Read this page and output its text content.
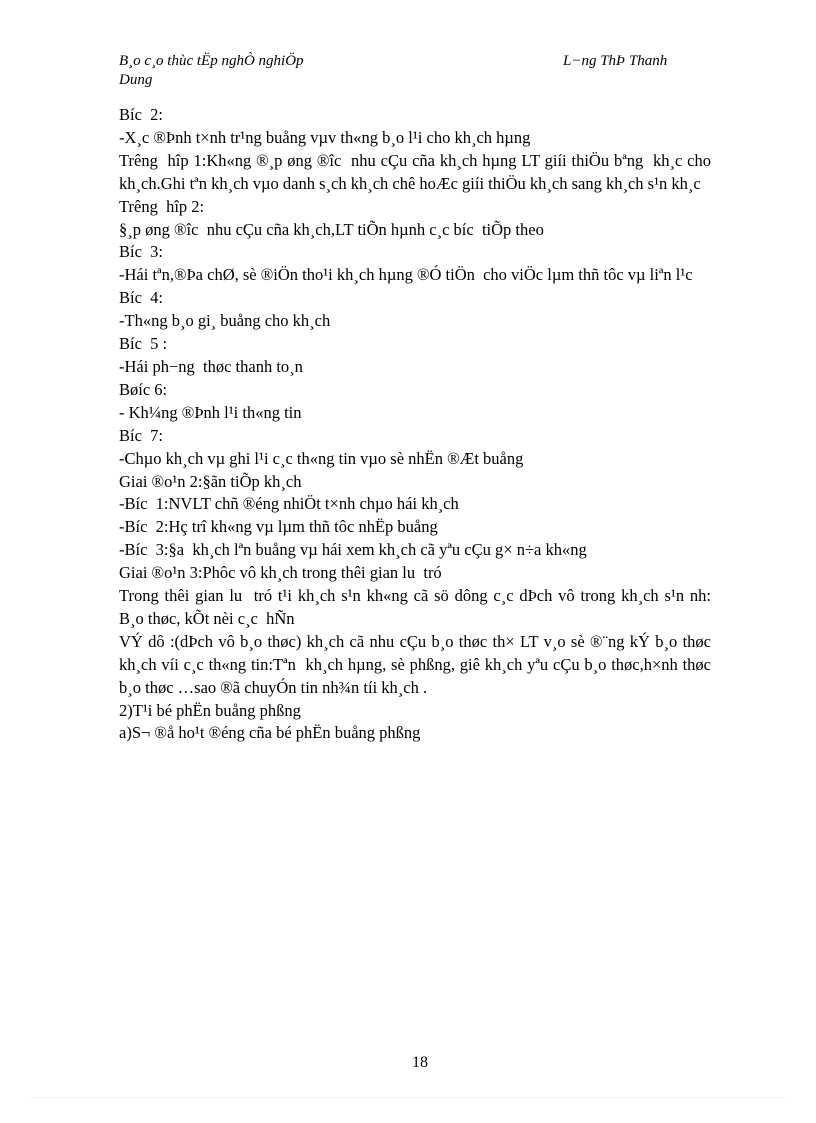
B¸o c¸o thùc tËp nghÒ nghiÖp
Dung
L−ng ThÞ Thanh

Bíc  2:

-X¸c ®Þnh t×nh tr¹ng buång vµv th«ng b¸o l¹i cho kh¸ch hµng

Trêng  hîp 1:Kh«ng ®¸p øng ®îc  nhu cÇu cña kh¸ch hµng LT giíi thiÖu bªng  kh¸c cho kh¸ch.Ghi tªn kh¸ch vµo danh s¸ch kh¸ch chê hoÆc giíi thiÖu kh¸ch sang kh¸ch s¹n kh¸c

Trêng  hîp 2:

§¸p øng ®îc  nhu cÇu cña kh¸ch,LT tiÕn hµnh c¸c bíc  tiÕp theo

Bíc  3:

-Hái tªn,®Þa chØ, sè ®iÖn tho¹i kh¸ch hµng ®Ó tiÖn  cho viÖc lµm thñ tôc vµ liªn l¹c

Bíc  4:

-Th«ng b¸o gi¸ buång cho kh¸ch

Bíc  5 :

-Hái ph−ng  thøc thanh to¸n

Bøíc 6:

- Kh¼ng ®Þnh l¹i th«ng tin

Bíc  7:

-Chµo kh¸ch vµ ghi l¹i c¸c th«ng tin vµo sè nhËn ®Æt buång

Giai ®o¹n 2:§ãn tiÕp kh¸ch

-Bíc  1:NVLT chñ ®éng nhiÖt t×nh chµo hái kh¸ch

-Bíc  2:Hç trî kh«ng vµ lµm thñ tôc nhËp buång

-Bíc  3:§a  kh¸ch lªn buång vµ hái xem kh¸ch cã yªu cÇu g× n÷a kh«ng

Giai ®o¹n 3:Phôc vô kh¸ch trong thêi gian lu  tró

Trong thêi gian lu  tró t¹i kh¸ch s¹n kh«ng cã sö dông c¸c dÞch vô trong kh¸ch s¹n nh:  B¸o thøc, kÕt nèi c¸c  hÑn

VÝ dô :(dÞch vô b¸o thøc) kh¸ch cã nhu cÇu b¸o thøc th× LT v¸o sè ®¨ng kÝ b¸o thøc kh¸ch víi c¸c th«ng tin:Tªn  kh¸ch hµng, sè phßng, giê kh¸ch yªu cÇu b¸o thøc,h×nh thøc b¸o thøc …sao ®ã chuyÓn tin nh¾n tíi kh¸ch .

2)T¹i bé phËn buång phßng

a)S¬ ®å ho¹t ®éng cña bé phËn buång phßng

18
